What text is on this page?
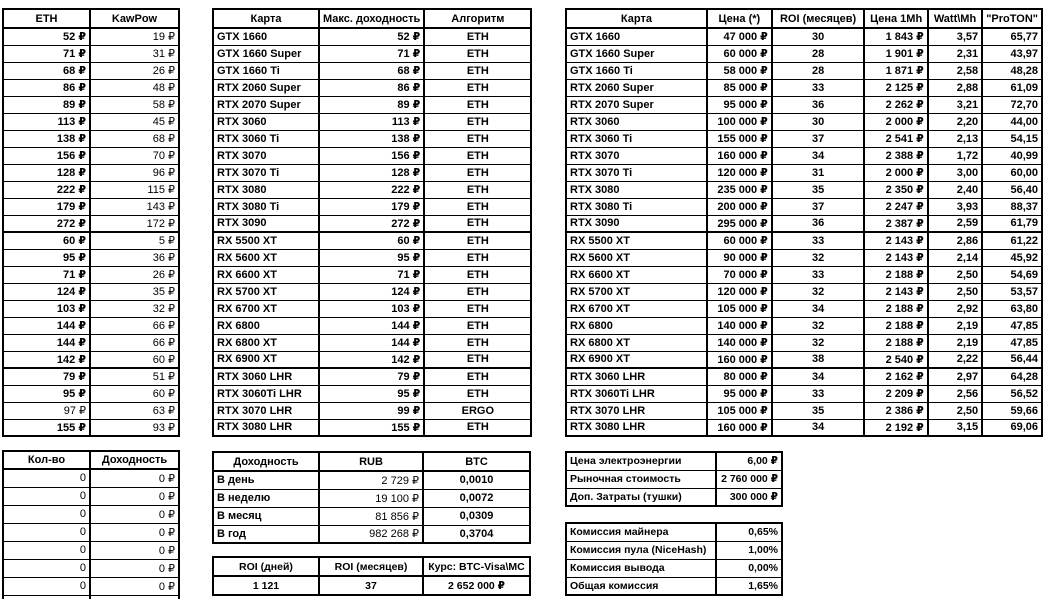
ETH	KawPow
52 ₽	19 ₽
71 ₽	31 ₽
68 ₽	26 ₽
86 ₽	48 ₽
89 ₽	58 ₽
113 ₽	45 ₽
138 ₽	68 ₽
156 ₽	70 ₽
128 ₽	96 ₽
222 ₽	115 ₽
179 ₽	143 ₽
272 ₽	172 ₽
60 ₽	5 ₽
95 ₽	36 ₽
71 ₽	26 ₽
124 ₽	35 ₽
103 ₽	32 ₽
144 ₽	66 ₽
144 ₽	66 ₽
142 ₽	60 ₽
79 ₽	51 ₽
95 ₽	60 ₽
97 ₽	63 ₽
155 ₽	93 ₽
Карта	Макс. доходность	Алгоритм
GTX 1660	52 ₽	ETH
GTX 1660 Super	71 ₽	ETH
GTX 1660 Ti	68 ₽	ETH
RTX 2060 Super	86 ₽	ETH
RTX 2070 Super	89 ₽	ETH
RTX 3060	113 ₽	ETH
RTX 3060 Ti	138 ₽	ETH
RTX 3070	156 ₽	ETH
RTX 3070 Ti	128 ₽	ETH
RTX 3080	222 ₽	ETH
RTX 3080 Ti	179 ₽	ETH
RTX 3090	272 ₽	ETH
RX 5500 XT	60 ₽	ETH
RX 5600 XT	95 ₽	ETH
RX 6600 XT	71 ₽	ETH
RX 5700 XT	124 ₽	ETH
RX 6700 XT	103 ₽	ETH
RX 6800	144 ₽	ETH
RX 6800 XT	144 ₽	ETH
RX 6900 XT	142 ₽	ETH
RTX 3060 LHR	79 ₽	ETH
RTX 3060Ti LHR	95 ₽	ETH
RTX 3070 LHR	99 ₽	ERGO
RTX 3080 LHR	155 ₽	ETH
Карта	Цена (*)	ROI (месяцев)	Цена 1Mh	Watt\Mh	"ProTON"
GTX 1660	47 000 ₽	30	1 843 ₽	3,57	65,77
GTX 1660 Super	60 000 ₽	28	1 901 ₽	2,31	43,97
GTX 1660 Ti	58 000 ₽	28	1 871 ₽	2,58	48,28
RTX 2060 Super	85 000 ₽	33	2 125 ₽	2,88	61,09
RTX 2070 Super	95 000 ₽	36	2 262 ₽	3,21	72,70
RTX 3060	100 000 ₽	30	2 000 ₽	2,20	44,00
RTX 3060 Ti	155 000 ₽	37	2 541 ₽	2,13	54,15
RTX 3070	160 000 ₽	34	2 388 ₽	1,72	40,99
RTX 3070 Ti	120 000 ₽	31	2 000 ₽	3,00	60,00
RTX 3080	235 000 ₽	35	2 350 ₽	2,40	56,40
RTX 3080 Ti	200 000 ₽	37	2 247 ₽	3,93	88,37
RTX 3090	295 000 ₽	36	2 387 ₽	2,59	61,79
RX 5500 XT	60 000 ₽	33	2 143 ₽	2,86	61,22
RX 5600 XT	90 000 ₽	32	2 143 ₽	2,14	45,92
RX 6600 XT	70 000 ₽	33	2 188 ₽	2,50	54,69
RX 5700 XT	120 000 ₽	32	2 143 ₽	2,50	53,57
RX 6700 XT	105 000 ₽	34	2 188 ₽	2,92	63,80
RX 6800	140 000 ₽	32	2 188 ₽	2,19	47,85
RX 6800 XT	140 000 ₽	32	2 188 ₽	2,19	47,85
RX 6900 XT	160 000 ₽	38	2 540 ₽	2,22	56,44
RTX 3060 LHR	80 000 ₽	34	2 162 ₽	2,97	64,28
RTX 3060Ti LHR	95 000 ₽	33	2 209 ₽	2,56	56,52
RTX 3070 LHR	105 000 ₽	35	2 386 ₽	2,50	59,66
RTX 3080 LHR	160 000 ₽	34	2 192 ₽	3,15	69,06
Кол-во	Доходность
0	0 ₽
0	0 ₽
0	0 ₽
0	0 ₽
0	0 ₽
0	0 ₽
0	0 ₽

Доходность	RUB	BTC
В день	2 729 ₽	0,0010
В неделю	19 100 ₽	0,0072
В месяц	81 856 ₽	0,0309
В год	982 268 ₽	0,3704
ROI (дней)	ROI (месяцев)	Курс: BTC-Visa\MC
1 121	37	2 652 000 ₽
Цена электроэнергии	6,00 ₽
Рыночная стоимость	2 760 000 ₽
Доп. Затраты (тушки)	300 000 ₽
Комиссия майнера	0,65%
Комиссия пула (NiceHash)	1,00%
Комиссия вывода	0,00%
Общая комиссия	1,65%
